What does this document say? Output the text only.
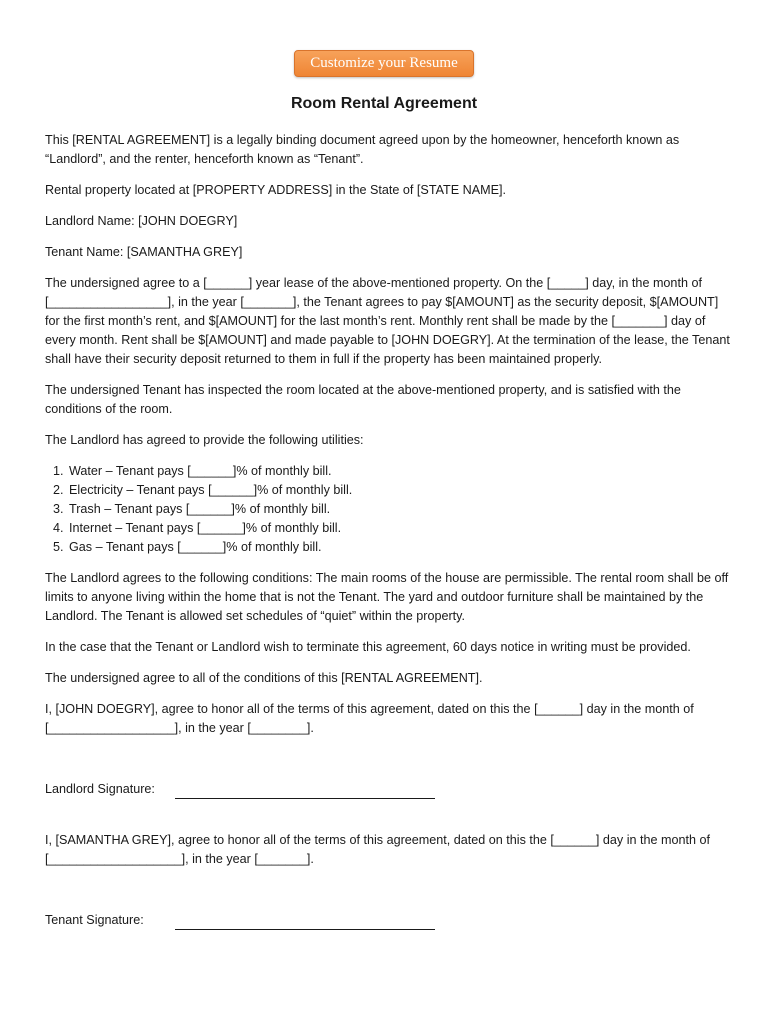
Customize your Resume
Room Rental Agreement

This [RENTAL AGREEMENT] is a legally binding document agreed upon by the homeowner, henceforth known as “Landlord”, and the renter, henceforth known as “Tenant”.

Rental property located at [PROPERTY ADDRESS] in the State of [STATE NAME].

Landlord Name: [JOHN DOEGRY]

Tenant Name: [SAMANTHA GREY]

The undersigned agree to a [______] year lease of the above-mentioned property. On the [_____] day, in the month of [_________________], in the year [_______], the Tenant agrees to pay $[AMOUNT] as the security deposit, $[AMOUNT] for the first month’s rent, and $[AMOUNT] for the last month’s rent. Monthly rent shall be made by the [_______] day of every month. Rent shall be $[AMOUNT] and made payable to [JOHN DOEGRY]. At the termination of the lease, the Tenant shall have their security deposit returned to them in full if the property has been maintained properly.

The undersigned Tenant has inspected the room located at the above-mentioned property, and is satisfied with the conditions of the room.

The Landlord has agreed to provide the following utilities:

1. Water – Tenant pays [______]% of monthly bill.
2. Electricity – Tenant pays [______]% of monthly bill.
3. Trash – Tenant pays [______]% of monthly bill.
4. Internet – Tenant pays [______]% of monthly bill.
5. Gas – Tenant pays [______]% of monthly bill.

The Landlord agrees to the following conditions: The main rooms of the house are permissible. The rental room shall be off limits to anyone living within the home that is not the Tenant. The yard and outdoor furniture shall be maintained by the Landlord. The Tenant is allowed set schedules of “quiet” within the property.

In the case that the Tenant or Landlord wish to terminate this agreement, 60 days notice in writing must be provided.

The undersigned agree to all of the conditions of this [RENTAL AGREEMENT].

I, [JOHN DOEGRY], agree to honor all of the terms of this agreement, dated on this the [______] day in the month of [__________________], in the year [________].

Landlord Signature:

I, [SAMANTHA GREY], agree to honor all of the terms of this agreement, dated on this the [______] day in the month of [___________________], in the year [_______].

Tenant Signature:
